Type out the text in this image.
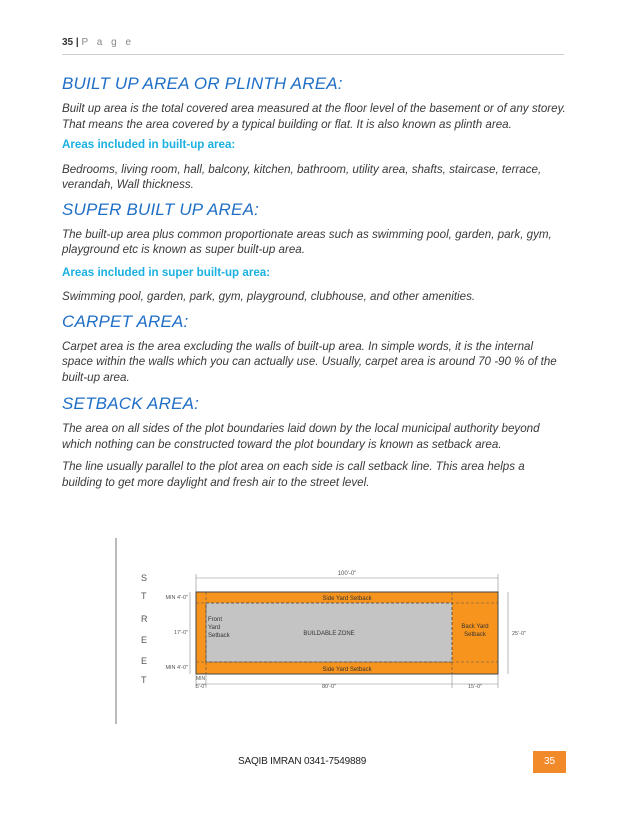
35 | P a g e
BUILT UP AREA OR PLINTH AREA:

Built up area is the total covered area measured at the floor level of the basement or of any storey. That means the area covered by a typical building or flat. It is also known as plinth area.

Areas included in built-up area:

Bedrooms, living room, hall, balcony, kitchen, bathroom, utility area, shafts, staircase, terrace, verandah, Wall thickness.

SUPER BUILT UP AREA:

The built-up area plus common proportionate areas such as swimming pool, garden, park, gym, playground etc is known as super built-up area.

Areas included in super built-up area:

Swimming pool, garden, park, gym, playground, clubhouse, and other amenities.

CARPET AREA:

Carpet area is the area excluding the walls of built-up area. In simple words, it is the internal space within the walls which you can actually use. Usually, carpet area is around 70 -90 % of the built-up area.

SETBACK AREA:

The area on all sides of the plot boundaries laid down by the local municipal authority beyond which nothing can be constructed toward the plot boundary is known as setback area.

The line usually parallel to the plot area on each side is call setback line. This area helps a building to get more daylight and fresh air to the street level.

S
T
R
E
E
T
100'-0"
Side Yard Setback
Side Yard Setback
BUILDABLE ZONE
Front
Yard
Setback
Back Yard
Setback
MIN 4'-0"
17'-0"
MIN 4'-0"
25'-0"
MIN
5'-0"	80'-0"	15'-0"
SAQIB IMRAN 0341-7549889	35
